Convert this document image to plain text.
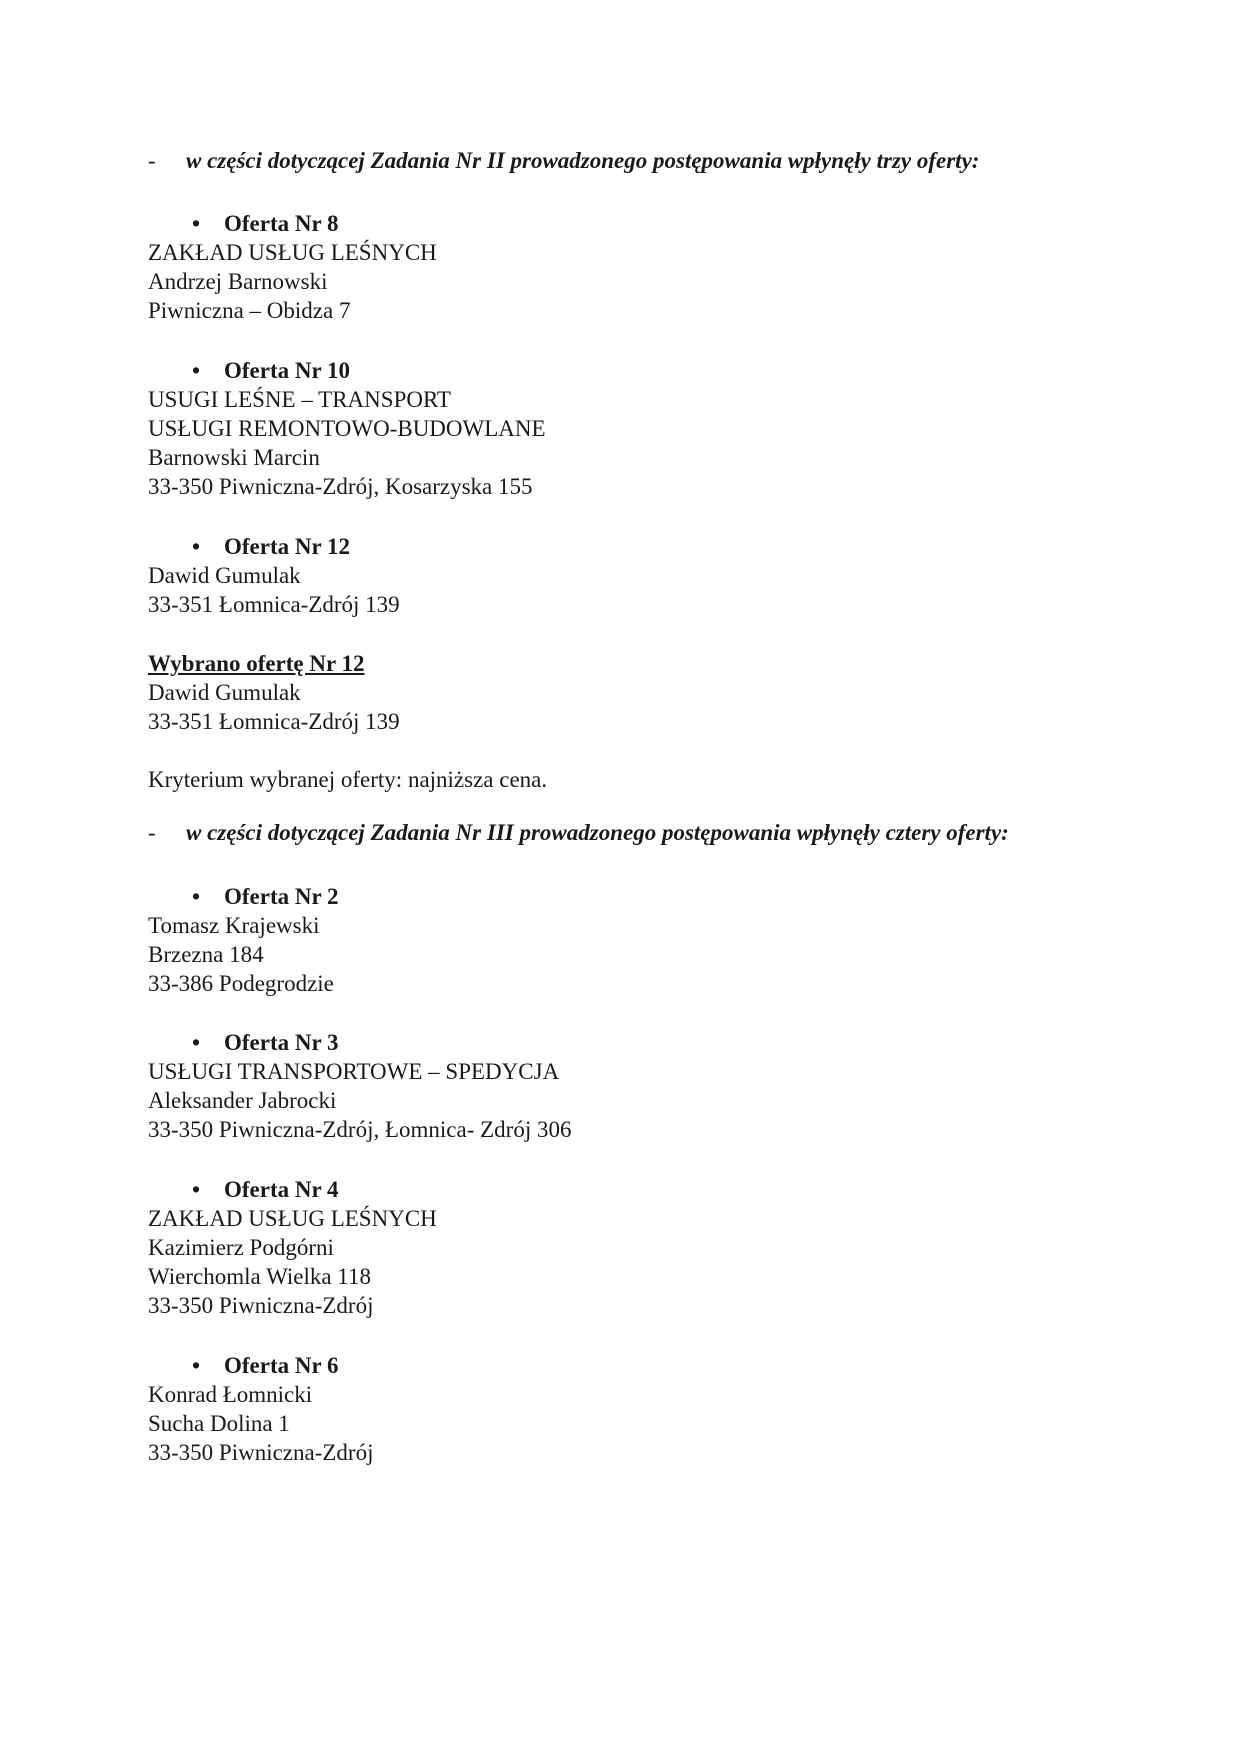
- w części dotyczącej Zadania Nr II prowadzonego postępowania wpłynęły trzy oferty:
• Oferta Nr 8
ZAKŁAD USŁUG LEŚNYCH
Andrzej Barnowski
Piwniczna – Obidza 7
• Oferta Nr 10
USUGI LEŚNE – TRANSPORT
USŁUGI REMONTOWO-BUDOWLANE
Barnowski Marcin
33-350 Piwniczna-Zdrój, Kosarzyska 155
• Oferta Nr 12
Dawid Gumulak
33-351 Łomnica-Zdrój 139
Wybrano ofertę Nr 12
Dawid Gumulak
33-351 Łomnica-Zdrój 139
Kryterium wybranej oferty: najniższa cena.
- w części dotyczącej Zadania Nr III prowadzonego postępowania wpłynęły cztery oferty:
• Oferta Nr 2
Tomasz Krajewski
Brzezna 184
33-386 Podegrodzie
• Oferta Nr 3
USŁUGI TRANSPORTOWE – SPEDYCJA
Aleksander Jabrocki
33-350 Piwniczna-Zdrój, Łomnica- Zdrój 306
• Oferta Nr 4
ZAKŁAD USŁUG LEŚNYCH
Kazimierz Podgórni
Wierchomla Wielka 118
33-350 Piwniczna-Zdrój
• Oferta Nr 6
Konrad Łomnicki
Sucha Dolina 1
33-350 Piwniczna-Zdrój
